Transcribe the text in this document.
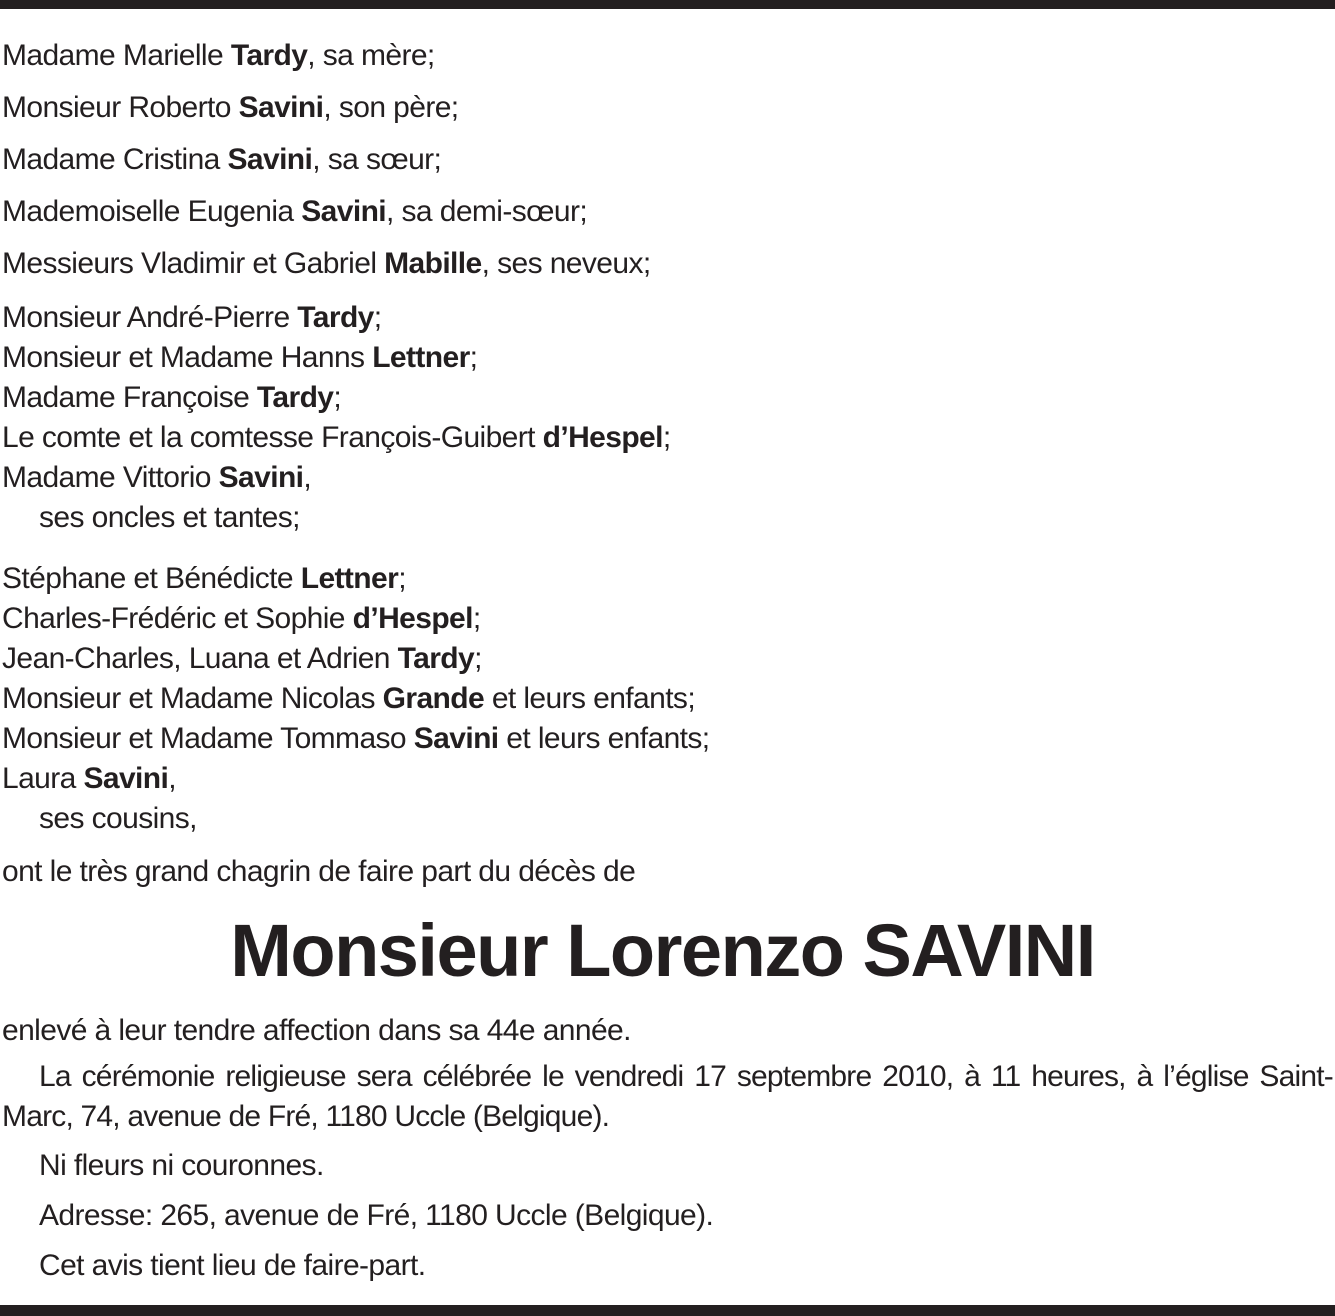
Madame Marielle Tardy, sa mère;
Monsieur Roberto Savini, son père;
Madame Cristina Savini, sa sœur;
Mademoiselle Eugenia Savini, sa demi-sœur;
Messieurs Vladimir et Gabriel Mabille, ses neveux;
Monsieur André-Pierre Tardy;
Monsieur et Madame Hanns Lettner;
Madame Françoise Tardy;
Le comte et la comtesse François-Guibert d’Hespel;
Madame Vittorio Savini,
ses oncles et tantes;
Stéphane et Bénédicte Lettner;
Charles-Frédéric et Sophie d’Hespel;
Jean-Charles, Luana et Adrien Tardy;
Monsieur et Madame Nicolas Grande et leurs enfants;
Monsieur et Madame Tommaso Savini et leurs enfants;
Laura Savini,
ses cousins,
ont le très grand chagrin de faire part du décès de
Monsieur Lorenzo SAVINI
enlevé à leur tendre affection dans sa 44e année.
La cérémonie religieuse sera célébrée le vendredi 17 septembre 2010, à 11 heures, à l’église Saint-Marc, 74, avenue de Fré, 1180 Uccle (Belgique).
Ni fleurs ni couronnes.
Adresse: 265, avenue de Fré, 1180 Uccle (Belgique).
Cet avis tient lieu de faire-part.
